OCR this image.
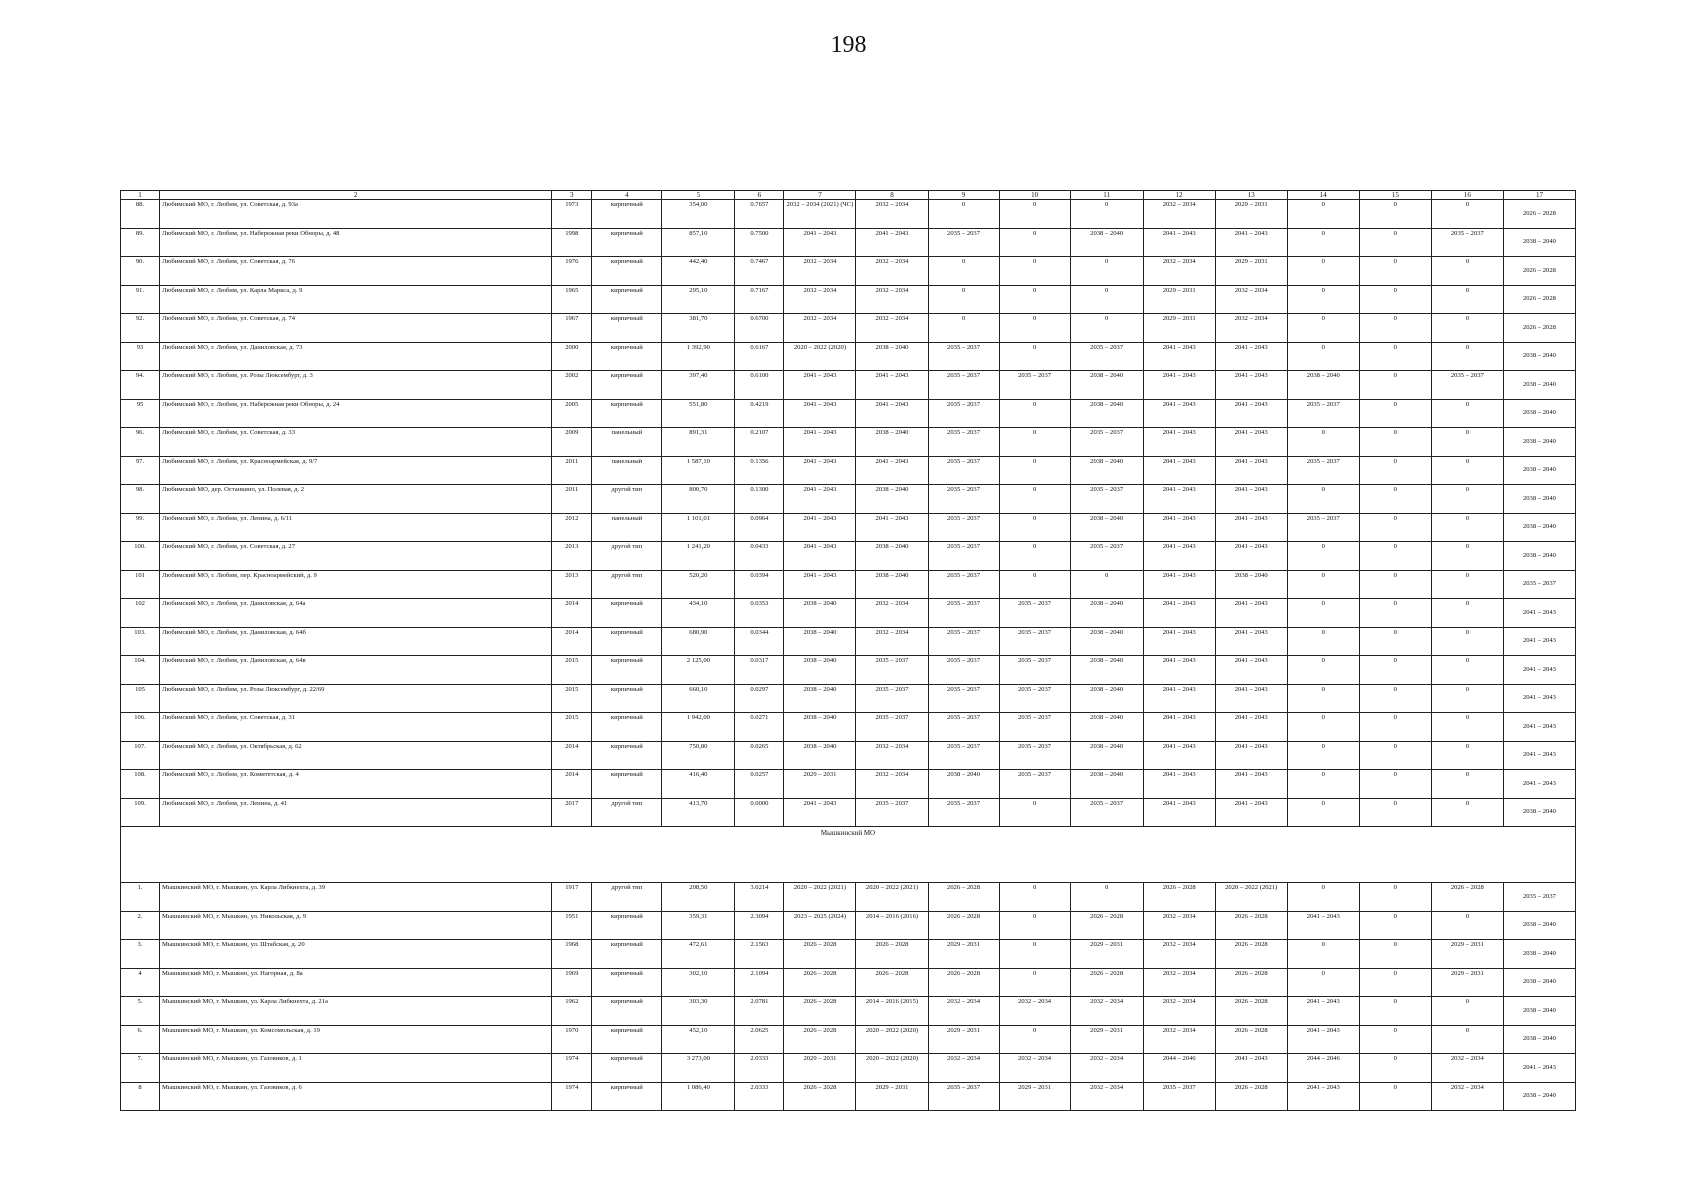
198
1	2	3	4	5	6	7	8	9	10	11	12	13	14	15	16	17
88.	Любимский МО, г. Любим, ул. Советская, д. 93а	1973	кирпичный	354,00	0.7657	2032 – 2034 (2021) (ЧС)	2032 – 2034	0	0	0	2032 – 2034	2029 – 2031	0	0	0	2026 – 2028
89.	Любимский МО, г. Любим, ул. Набережная реки Обноры, д. 48	1998	кирпичный	857,10	0.7500	2041 – 2043	2041 – 2043	2035 – 2037	0	2038 – 2040	2041 – 2043	2041 – 2043	0	0	2035 – 2037	2038 – 2040
90.	Любимский МО, г. Любим, ул. Советская, д. 76	1976	кирпичный	442,40	0.7467	2032 – 2034	2032 – 2034	0	0	0	2032 – 2034	2029 – 2031	0	0	0	2026 – 2028
91.	Любимский МО, г. Любим, ул. Карла Маркса, д. 9	1965	кирпичный	295,10	0.7167	2032 – 2034	2032 – 2034	0	0	0	2029 – 2031	2032 – 2034	0	0	0	2026 – 2028
92.	Любимский МО, г. Любим, ул. Советская, д. 74	1967	кирпичный	381,70	0.6700	2032 – 2034	2032 – 2034	0	0	0	2029 – 2031	2032 – 2034	0	0	0	2026 – 2028
93	Любимский МО, г. Любим, ул. Даниловская, д. 73	2000	кирпичный	1 392,90	0.6167	2020 – 2022 (2020)	2038 – 2040	2035 – 2037	0	2035 – 2037	2041 – 2043	2041 – 2043	0	0	0	2038 – 2040
94.	Любимский МО, г. Любим, ул. Розы Люксембург, д. 3	2002	кирпичный	397,40	0.6100	2041 – 2043	2041 – 2043	2035 – 2037	2035 – 2037	2038 – 2040	2041 – 2043	2041 – 2043	2038 – 2040	0	2035 – 2037	2038 – 2040
95	Любимский МО, г. Любим, ул. Набережная реки Обноры, д. 24	2005	кирпичный	551,80	0.4219	2041 – 2043	2041 – 2043	2035 – 2037	0	2038 – 2040	2041 – 2043	2041 – 2043	2035 – 2037	0	0	2038 – 2040
96.	Любимский МО, г. Любим, ул. Советская, д. 33	2009	панельный	891,31	0.2107	2041 – 2043	2038 – 2040	2035 – 2037	0	2035 – 2037	2041 – 2043	2041 – 2043	0	0	0	2038 – 2040
97.	Любимский МО, г. Любим, ул. Красноармейская, д. 9/7	2011	панельный	1 587,10	0.1356	2041 – 2043	2041 – 2043	2035 – 2037	0	2038 – 2040	2041 – 2043	2041 – 2043	2035 – 2037	0	0	2038 – 2040
98.	Любимский МО, дер. Останкино, ул. Полевая, д. 2	2011	другой тип	800,70	0.1300	2041 – 2043	2038 – 2040	2035 – 2037	0	2035 – 2037	2041 – 2043	2041 – 2043	0	0	0	2038 – 2040
99.	Любимский МО, г. Любим, ул. Ленина, д. 6/11	2012	панельный	1 101,01	0.0964	2041 – 2043	2041 – 2043	2035 – 2037	0	2038 – 2040	2041 – 2043	2041 – 2043	2035 – 2037	0	0	2038 – 2040
100.	Любимский МО, г. Любим, ул. Советская, д. 27	2013	другой тип	1 241,20	0.0433	2041 – 2043	2038 – 2040	2035 – 2037	0	2035 – 2037	2041 – 2043	2041 – 2043	0	0	0	2038 – 2040
101	Любимский МО, г. Любим, пер. Красноармейский, д. 9	2013	другой тип	520,20	0.0394	2041 – 2043	2038 – 2040	2035 – 2037	0	0	2041 – 2043	2038 – 2040	0	0	0	2035 – 2037
102	Любимский МО, г. Любим, ул. Даниловская, д. 64а	2014	кирпичный	434,10	0.0353	2038 – 2040	2032 – 2034	2035 – 2037	2035 – 2037	2038 – 2040	2041 – 2043	2041 – 2043	0	0	0	2041 – 2043
103.	Любимский МО, г. Любим, ул. Даниловская, д. 64б	2014	кирпичный	680,90	0.0344	2038 – 2040	2032 – 2034	2035 – 2037	2035 – 2037	2038 – 2040	2041 – 2043	2041 – 2043	0	0	0	2041 – 2043
104.	Любимский МО, г. Любим, ул. Даниловская, д. 64в	2015	кирпичный	2 125,00	0.0317	2038 – 2040	2035 – 2037	2035 – 2037	2035 – 2037	2038 – 2040	2041 – 2043	2041 – 2043	0	0	0	2041 – 2043
105	Любимский МО, г. Любим, ул. Розы Люксембург, д. 22/69	2015	кирпичный	660,10	0.0297	2038 – 2040	2035 – 2037	2035 – 2037	2035 – 2037	2038 – 2040	2041 – 2043	2041 – 2043	0	0	0	2041 – 2043
106.	Любимский МО, г. Любим, ул. Советская, д. 31	2015	кирпичный	1 942,00	0.0271	2038 – 2040	2035 – 2037	2035 – 2037	2035 – 2037	2038 – 2040	2041 – 2043	2041 – 2043	0	0	0	2041 – 2043
107.	Любимский МО, г. Любим, ул. Октябрьская, д. 62	2014	кирпичный	750,80	0.0265	2038 – 2040	2032 – 2034	2035 – 2037	2035 – 2037	2038 – 2040	2041 – 2043	2041 – 2043	0	0	0	2041 – 2043
108.	Любимский МО, г. Любим, ул. Комитетская, д. 4	2014	кирпичный	416,40	0.0257	2029 – 2031	2032 – 2034	2038 – 2040	2035 – 2037	2038 – 2040	2041 – 2043	2041 – 2043	0	0	0	2041 – 2043
109.	Любимский МО, г. Любим, ул. Ленина, д. 41	2017	другой тип	413,70	0.0000	2041 – 2043	2035 – 2037	2035 – 2037	0	2035 – 2037	2041 – 2043	2041 – 2043	0	0	0	2038 – 2040
Мышкинский МО																
1.	Мышкинский МО, г. Мышкин, ул. Карла Либкнехта, д. 39	1917	другой тип	208,50	3.0214	2020 – 2022 (2021)	2020 – 2022 (2021)	2026 – 2028	0	0	2026 – 2028	2020 – 2022 (2021)	0	0	2026 – 2028	2035 – 2037
2.	Мышкинский МО, г. Мышкин, ул. Никольская, д. 9	1951	кирпичный	359,31	2.3094	2023 – 2025 (2024)	2014 – 2016 (2016)	2026 – 2028	0	2026 – 2028	2032 – 2034	2026 – 2028	2041 – 2043	0	0	2038 – 2040
3.	Мышкинский МО, г. Мышкин, ул. Штабская, д. 20	1968	кирпичный	472,61	2.1563	2026 – 2028	2026 – 2028	2029 – 2031	0	2029 – 2031	2032 – 2034	2026 – 2028	0	0	2029 – 2031	2038 – 2040
4	Мышкинский МО, г. Мышкин, ул. Нагорная, д. 8а	1969	кирпичный	302,10	2.1094	2026 – 2028	2026 – 2028	2026 – 2028	0	2026 – 2028	2032 – 2034	2026 – 2028	0	0	2029 – 2031	2038 – 2040
5.	Мышкинский МО, г. Мышкин, ул. Карла Либкнехта, д. 21а	1962	кирпичный	303,30	2.0781	2026 – 2028	2014 – 2016 (2015)	2032 – 2034	2032 – 2034	2032 – 2034	2032 – 2034	2026 – 2028	2041 – 2043	0	0	2038 – 2040
6.	Мышкинский МО, г. Мышкин, ул. Комсомольская, д. 19	1970	кирпичный	452,10	2.0625	2026 – 2028	2020 – 2022 (2020)	2029 – 2031	0	2029 – 2031	2032 – 2034	2026 – 2028	2041 – 2043	0	0	2038 – 2040
7.	Мышкинский МО, г. Мышкин, ул. Газовиков, д. 1	1974	кирпичный	3 273,00	2.0333	2029 – 2031	2020 – 2022 (2020)	2032 – 2034	2032 – 2034	2032 – 2034	2044 – 2046	2041 – 2043	2044 – 2046	0	2032 – 2034	2041 – 2043
8	Мышкинский МО, г. Мышкин, ул. Газовиков, д. 6	1974	кирпичный	1 086,40	2.0333	2026 – 2028	2029 – 2031	2035 – 2037	2029 – 2031	2032 – 2034	2035 – 2037	2026 – 2028	2041 – 2043	0	2032 – 2034	2038 – 2040
